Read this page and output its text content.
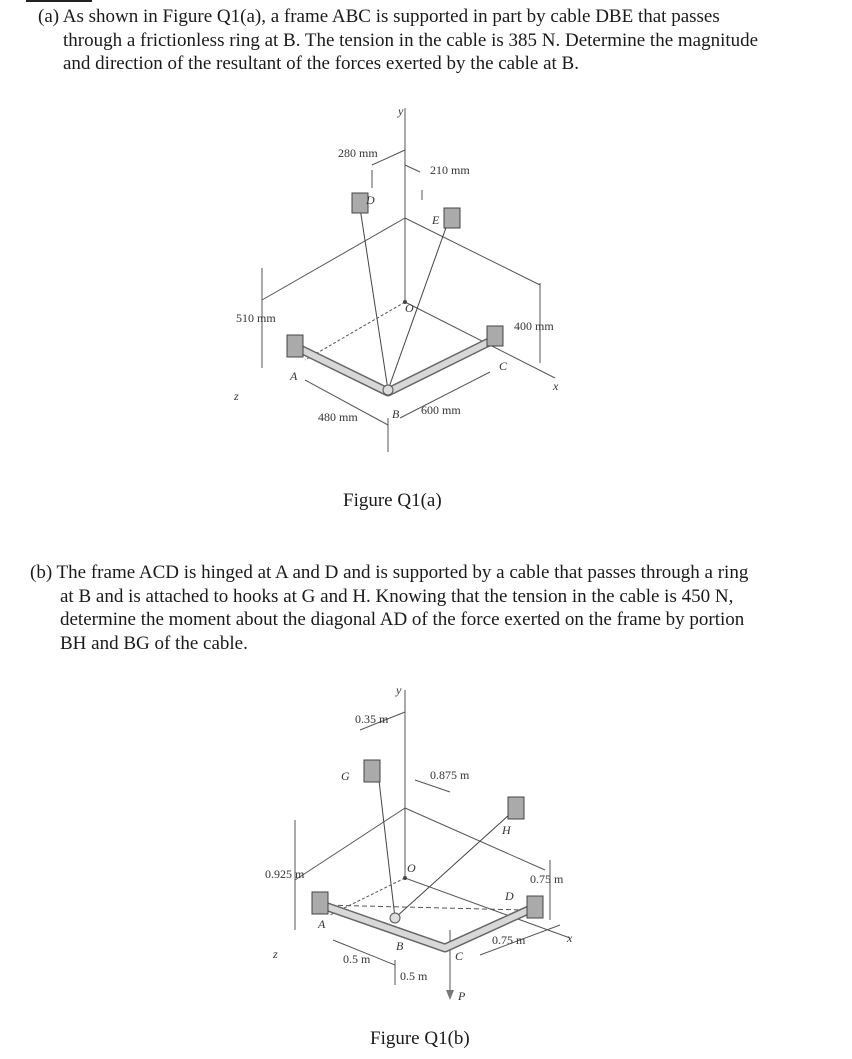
(a) As shown in Figure Q1(a), a frame ABC is supported in part by cable DBE that passes
through a frictionless ring at B. The tension in the cable is 385 N. Determine the magnitude
and direction of the resultant of the forces exerted by the cable at B.
y
x
z
D
E
O
A
B
C
280 mm
210 mm
510 mm
400 mm
480 mm	600 mm
Figure Q1(a)
(b) The frame ACD is hinged at A and D and is supported by a cable that passes through a ring
at B and is attached to hooks at G and H. Knowing that the tension in the cable is 450 N,
determine the moment about the diagonal AD of the force exerted on the frame by portion
BH and BG of the cable.
y
x
z
G
H
O
A
B
C
D
P
0.35 m
0.875 m
0.925 m	0.75 m
0.75 m
0.5 m
0.5 m
Figure Q1(b)
